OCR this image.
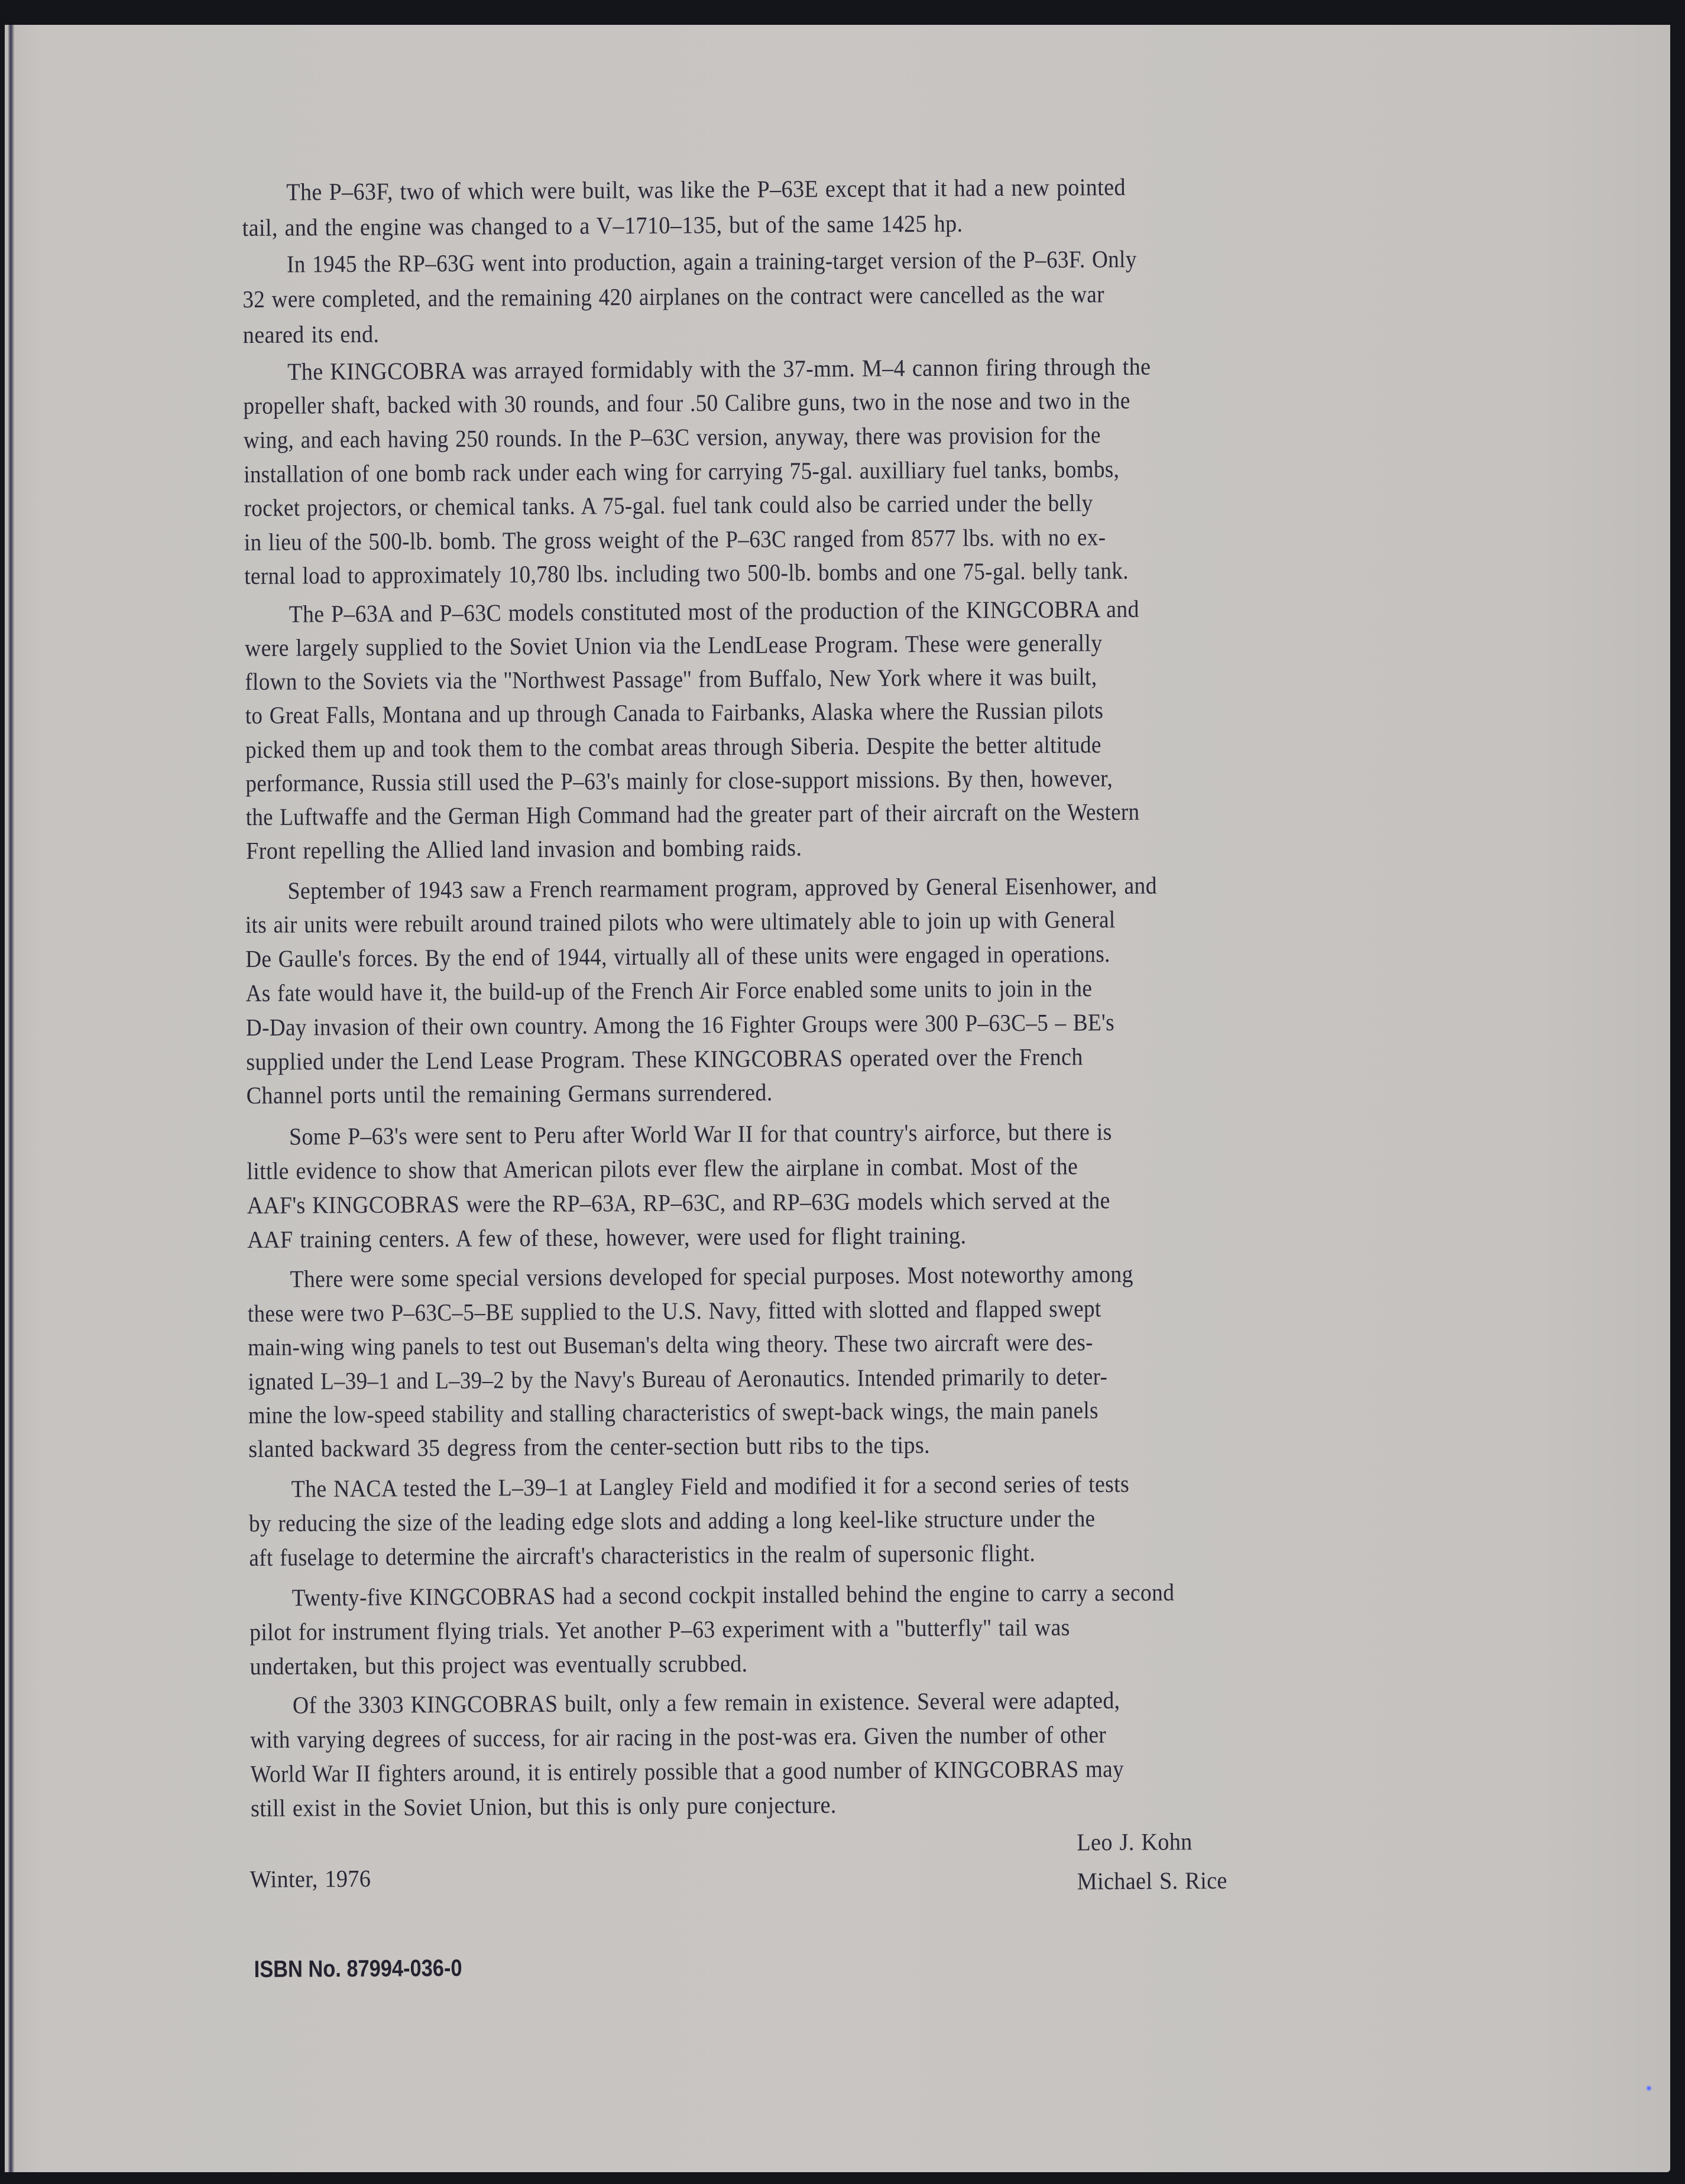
The P–63F, two of which were built, was like the P–63E except that it had a new pointed
tail, and the engine was changed to a V–1710–135, but of the same 1425 hp.
In 1945 the RP–63G went into production, again a training-target version of the P–63F. Only
32 were completed, and the remaining 420 airplanes on the contract were cancelled as the war
neared its end.
The KINGCOBRA was arrayed formidably with the 37-mm. M–4 cannon firing through the
propeller shaft, backed with 30 rounds, and four .50 Calibre guns, two in the nose and two in the
wing, and each having 250 rounds. In the P–63C version, anyway, there was provision for the
installation of one bomb rack under each wing for carrying 75-gal. auxilliary fuel tanks, bombs,
rocket projectors, or chemical tanks. A 75-gal. fuel tank could also be carried under the belly
in lieu of the 500-lb. bomb. The gross weight of the P–63C ranged from 8577 lbs. with no ex-
ternal load to approximately 10,780 lbs. including two 500-lb. bombs and one 75-gal. belly tank.
The P–63A and P–63C models constituted most of the production of the KINGCOBRA and
were largely supplied to the Soviet Union via the LendLease Program. These were generally
flown to the Soviets via the ''Northwest Passage'' from Buffalo, New York where it was built,
to Great Falls, Montana and up through Canada to Fairbanks, Alaska where the Russian pilots
picked them up and took them to the combat areas through Siberia. Despite the better altitude
performance, Russia still used the P–63's mainly for close-support missions. By then, however,
the Luftwaffe and the German High Command had the greater part of their aircraft on the Western
Front repelling the Allied land invasion and bombing raids.
September of 1943 saw a French rearmament program, approved by General Eisenhower, and
its air units were rebuilt around trained pilots who were ultimately able to join up with General
De Gaulle's forces. By the end of 1944, virtually all of these units were engaged in operations.
As fate would have it, the build-up of the French Air Force enabled some units to join in the
D-Day invasion of their own country. Among the 16 Fighter Groups were 300 P–63C–5 – BE's
supplied under the Lend Lease Program. These KINGCOBRAS operated over the French
Channel ports until the remaining Germans surrendered.
Some P–63's were sent to Peru after World War II for that country's airforce, but there is
little evidence to show that American pilots ever flew the airplane in combat. Most of the
AAF's KINGCOBRAS were the RP–63A, RP–63C, and RP–63G models which served at the
AAF training centers. A few of these, however, were used for flight training.
There were some special versions developed for special purposes. Most noteworthy among
these were two P–63C–5–BE supplied to the U.S. Navy, fitted with slotted and flapped swept
main-wing wing panels to test out Buseman's delta wing theory. These two aircraft were des-
ignated L–39–1 and L–39–2 by the Navy's Bureau of Aeronautics. Intended primarily to deter-
mine the low-speed stability and stalling characteristics of swept-back wings, the main panels
slanted backward 35 degress from the center-section butt ribs to the tips.
The NACA tested the L–39–1 at Langley Field and modified it for a second series of tests
by reducing the size of the leading edge slots and adding a long keel-like structure under the
aft fuselage to determine the aircraft's characteristics in the realm of supersonic flight.
Twenty-five KINGCOBRAS had a second cockpit installed behind the engine to carry a second
pilot for instrument flying trials. Yet another P–63 experiment with a ''butterfly'' tail was
undertaken, but this project was eventually scrubbed.
Of the 3303 KINGCOBRAS built, only a few remain in existence. Several were adapted,
with varying degrees of success, for air racing in the post-was era. Given the number of other
World War II fighters around, it is entirely possible that a good number of KINGCOBRAS may
still exist in the Soviet Union, but this is only pure conjecture.
Leo J. Kohn
Winter, 1976	Michael S. Rice
ISBN No. 87994-036-0
